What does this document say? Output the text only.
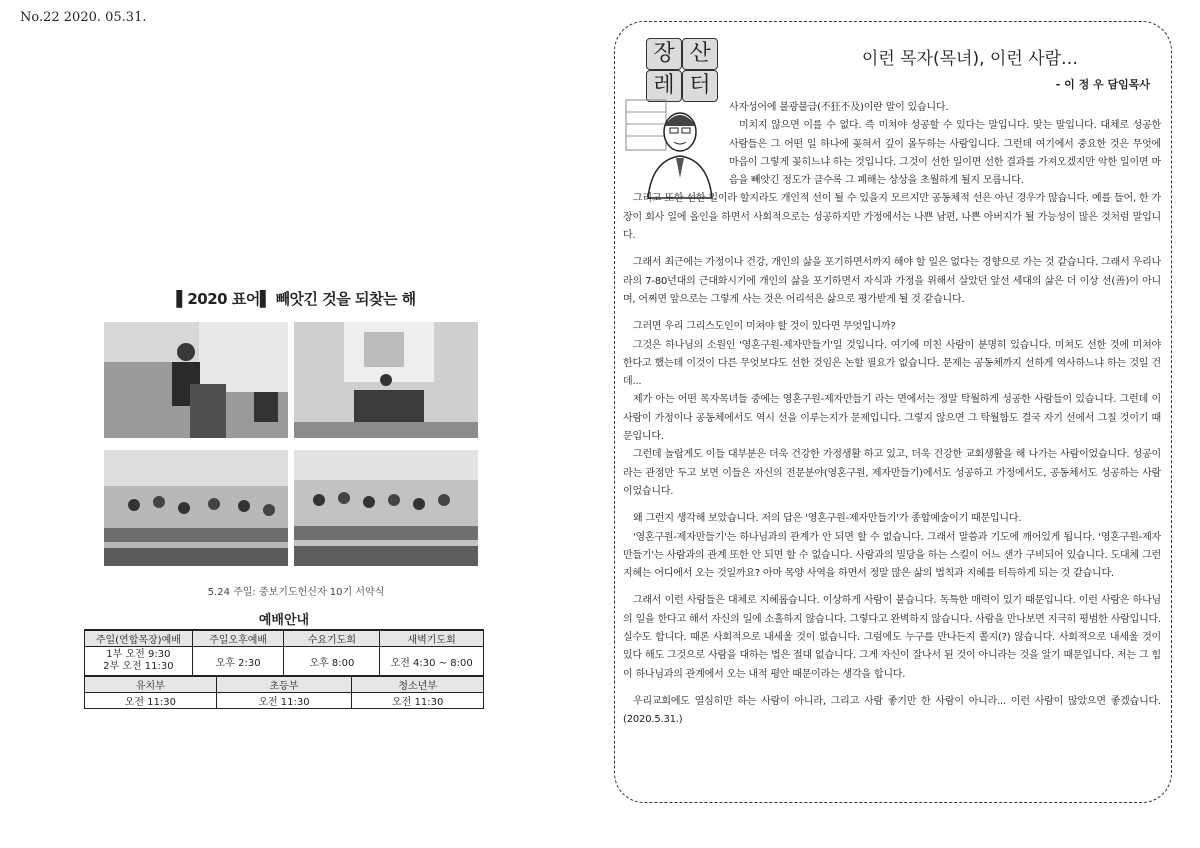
No.22 2020. 05.31.
▌2020 표어▌ 빼앗긴 것을 되찾는 해
5.24 주일: 중보기도헌신자 10기 서약식
예배안내
주일(연합목장)예배	주일오후예배	수요기도회	새벽기도회
1부 오전 9:30
2부 오전 11:30	오후 2:30	오후 8:00	오전 4:30 ~ 8:00
유치부	초등부	청소년부
오전 11:30	오전 11:30	오전 11:30
장 산
레 터
이런 목자(목녀), 이런 사람…
- 이 정 우 담임목사

사자성어에 불광불급(不狂不及)이란 말이 있습니다.

미치지 않으면 이를 수 없다. 즉 미쳐야 성공할 수 있다는 말입니다. 맞는 말입니다. 대체로 성공한 사람들은 그 어떤 일 하나에 꽂혀서 깊이 몰두하는 사람입니다. 그런데 여기에서 중요한 것은 무엇에 마음이 그렇게 꽂히느냐 하는 것입니다. 그것이 선한 일이면 선한 결과를 가져오겠지만 악한 일이면 마음을 빼앗긴 정도가 클수록 그 폐해는 상상을 초월하게 될지 모릅니다.

그리고 또한 선한 일이라 할지라도 개인적 선이 될 수 있을지 모르지만 공동체적 선은 아닌 경우가 많습니다. 예를 들어, 한 가장이 회사 일에 올인을 하면서 사회적으로는 성공하지만 가정에서는 나쁜 남편, 나쁜 아버지가 될 가능성이 많은 것처럼 말입니다.

그래서 최근에는 가정이나 건강, 개인의 삶을 포기하면서까지 해야 할 일은 없다는 경향으로 가는 것 같습니다. 그래서 우리나라의 7-80년대의 근대화시기에 개인의 삶을 포기하면서 자식과 가정을 위해서 살았던 앞선 세대의 삶은 더 이상 선(善)이 아니며, 어쩌면 앞으로는 그렇게 사는 것은 어리석은 삶으로 평가받게 될 것 같습니다.

그러면 우리 그리스도인이 미쳐야 할 것이 있다면 무엇입니까?

그것은 하나님의 소원인 '영혼구원-제자만들기'일 것입니다. 여기에 미친 사람이 분명히 있습니다. 미쳐도 선한 것에 미쳐야 한다고 했는데 이것이 다른 무엇보다도 선한 것임은 논할 필요가 없습니다. 문제는 공동체까지 선하게 역사하느냐 하는 것일 건데...

제가 아는 어떤 목자목녀들 중에는 영혼구원-제자만들기 라는 면에서는 정말 탁월하게 성공한 사람들이 있습니다. 그런데 이 사람이 가정이나 공동체에서도 역시 선을 이루는지가 문제입니다. 그렇지 않으면 그 탁월함도 결국 자기 선에서 그칠 것이기 때문입니다.

그런데 놀랍게도 이들 대부분은 더욱 건강한 가정생활 하고 있고, 더욱 건강한 교회생활을 해 나가는 사람이었습니다. 성공이라는 관점만 두고 보면 이들은 자신의 전문분야(영혼구원, 제자만들기)에서도 성공하고 가정에서도, 공동체서도 성공하는 사람이었습니다.

왜 그런지 생각해 보았습니다. 저의 답은 '영혼구원-제자만들기'가 종합예술이기 때문입니다.

'영혼구원-제자만들기'는 하나님과의 관계가 안 되면 할 수 없습니다. 그래서 말씀과 기도에 깨어있게 됩니다. '영혼구원-제자만들기'는 사람과의 관계 또한 안 되면 할 수 없습니다. 사람과의 밀당을 하는 스킬이 어느 샌가 구비되어 있습니다. 도대체 그런 지혜는 어디에서 오는 것일까요? 아마 목양 사역을 하면서 정말 많은 삶의 법칙과 지혜를 터득하게 되는 것 같습니다.

그래서 이런 사람들은 대체로 지혜롭습니다. 이상하게 사람이 붙습니다. 독특한 매력이 있기 때문입니다. 이런 사람은 하나님의 일을 한다고 해서 자신의 일에 소홀하지 않습니다. 그렇다고 완벽하지 않습니다. 사람을 만나보면 지극히 평범한 사람입니다. 실수도 합니다. 때론 사회적으로 내세울 것이 없습니다. 그럼에도 누구를 만나든지 쫄지(?) 않습니다. 사회적으로 내세울 것이 있다 해도 그것으로 사람을 대하는 법은 절대 없습니다. 그게 자신이 잘나서 된 것이 아니라는 것을 알기 때문입니다. 저는 그 힘이 하나님과의 관계에서 오는 내적 평안 때문이라는 생각을 합니다.

우리교회에도 열심히만 하는 사람이 아니라, 그리고 사람 좋기만 한 사람이 아니라... 이런 사람이 많았으면 좋겠습니다.(2020.5.31.)
